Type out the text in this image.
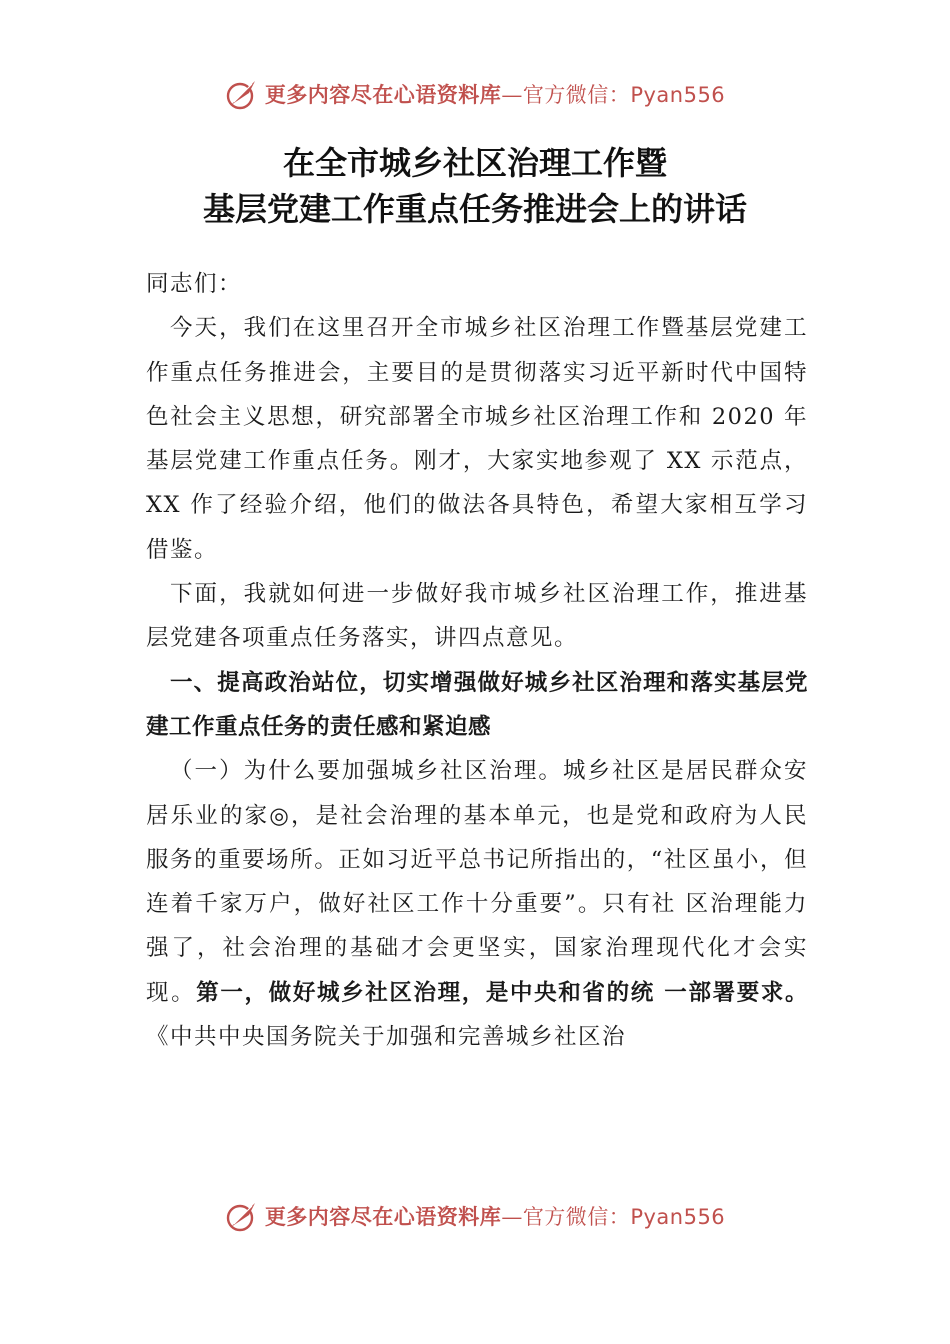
更多内容尽在心语资料库—官方微信：Pyan556
在全市城乡社区治理工作暨
基层党建工作重点任务推进会上的讲话

同志们：

今天，我们在这里召开全市城乡社区治理工作暨基层党建工作重点任务推进会，主要目的是贯彻落实习近平新时代中国特色社会主义思想，研究部署全市城乡社区治理工作和 2020 年基层党建工作重点任务。刚才，大家实地参观了 XX 示范点，XX 作了经验介绍，他们的做法各具特色，希望大家相互学习借鉴。

下面，我就如何进一步做好我市城乡社区治理工作，推进基层党建各项重点任务落实，讲四点意见。

一、提高政治站位，切实增强做好城乡社区治理和落实基层党建工作重点任务的责任感和紧迫感

（一）为什么要加强城乡社区治理。城乡社区是居民群众安居乐业的家◎，是社会治理的基本单元，也是党和政府为人民服务的重要场所。正如习近平总书记所指出的，“社区虽小，但连着千家万户，做好社区工作十分重要”。只有社 区治理能力强了，社会治理的基础才会更坚实，国家治理现代化才会实现。第一，做好城乡社区治理，是中央和省的统 一部署要求。《中共中央国务院关于加强和完善城乡社区治

更多内容尽在心语资料库—官方微信：Pyan556
